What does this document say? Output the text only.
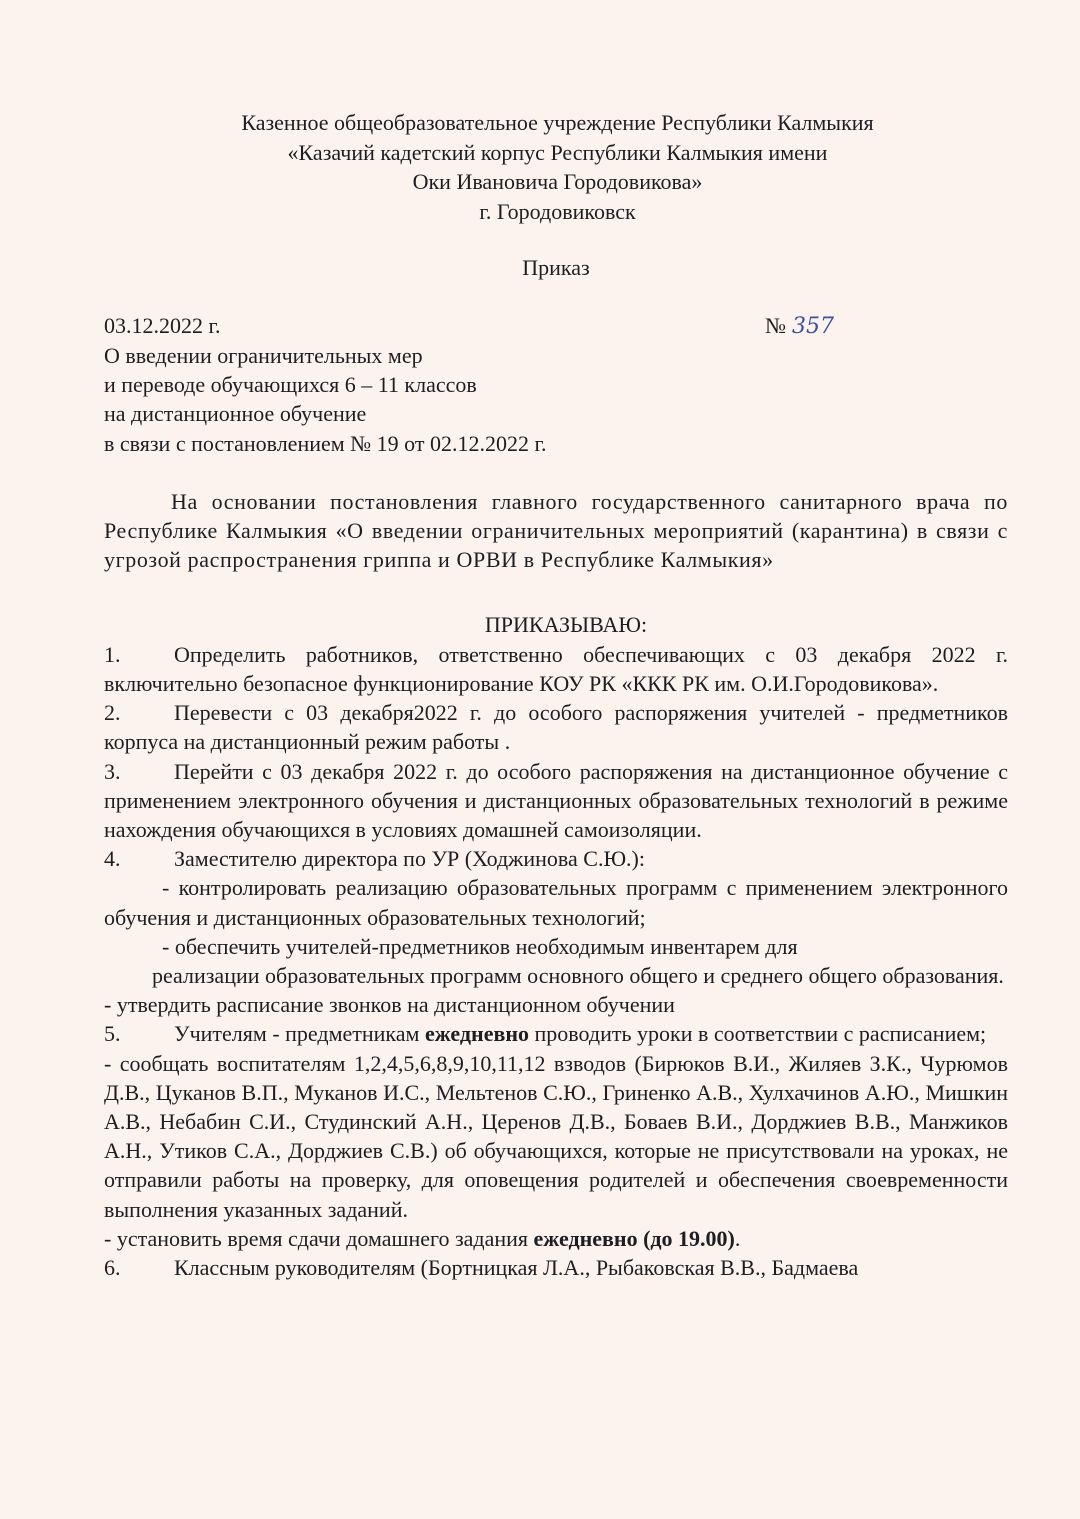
Казенное общеобразовательное учреждение Республики Калмыкия
«Казачий кадетский корпус Республики Калмыкия имени
Оки Ивановича Городовикова»
г. Городовиковск
Приказ
03.12.2022 г.	№ 357
О введении ограничительных мер
и переводе обучающихся 6 – 11 классов
на дистанционное обучение
в связи с постановлением № 19 от 02.12.2022 г.
На основании постановления главного государственного санитарного врача по Республике Калмыкия «О введении ограничительных мероприятий (карантина) в связи с угрозой распространения гриппа и ОРВИ в Республике Калмыкия»
ПРИКАЗЫВАЮ:
1. Определить работников, ответственно обеспечивающих с 03 декабря 2022 г. включительно безопасное функционирование КОУ РК «ККК РК им. О.И.Городовикова».
2. Перевести с 03 декабря2022 г. до особого распоряжения учителей - предметников корпуса на дистанционный режим работы .
3. Перейти с 03 декабря 2022 г. до особого распоряжения на дистанционное обучение с применением электронного обучения и дистанционных образовательных технологий в режиме нахождения обучающихся в условиях домашней самоизоляции.
4. Заместителю директора по УР (Ходжинова С.Ю.):
- контролировать реализацию образовательных программ с применением электронного обучения и дистанционных образовательных технологий;
- обеспечить учителей-предметников необходимым инвентарем для
реализации образовательных программ основного общего и среднего общего образования.
- утвердить расписание звонков на дистанционном обучении
5. Учителям - предметникам ежедневно проводить уроки в соответствии с расписанием;
- сообщать воспитателям 1,2,4,5,6,8,9,10,11,12 взводов (Бирюков В.И., Жиляев З.К., Чурюмов Д.В., Цуканов В.П., Муканов И.С., Мельтенов С.Ю., Гриненко А.В., Хулхачинов А.Ю., Мишкин А.В., Небабин С.И., Студинский А.Н., Церенов Д.В., Боваев В.И., Дорджиев В.В., Манжиков А.Н., Утиков С.А., Дорджиев С.В.) об обучающихся, которые не присутствовали на уроках, не отправили работы на проверку, для оповещения родителей и обеспечения своевременности выполнения указанных заданий.
- установить время сдачи домашнего задания ежедневно (до 19.00).
6. Классным руководителям (Бортницкая Л.А., Рыбаковская В.В., Бадмаева
